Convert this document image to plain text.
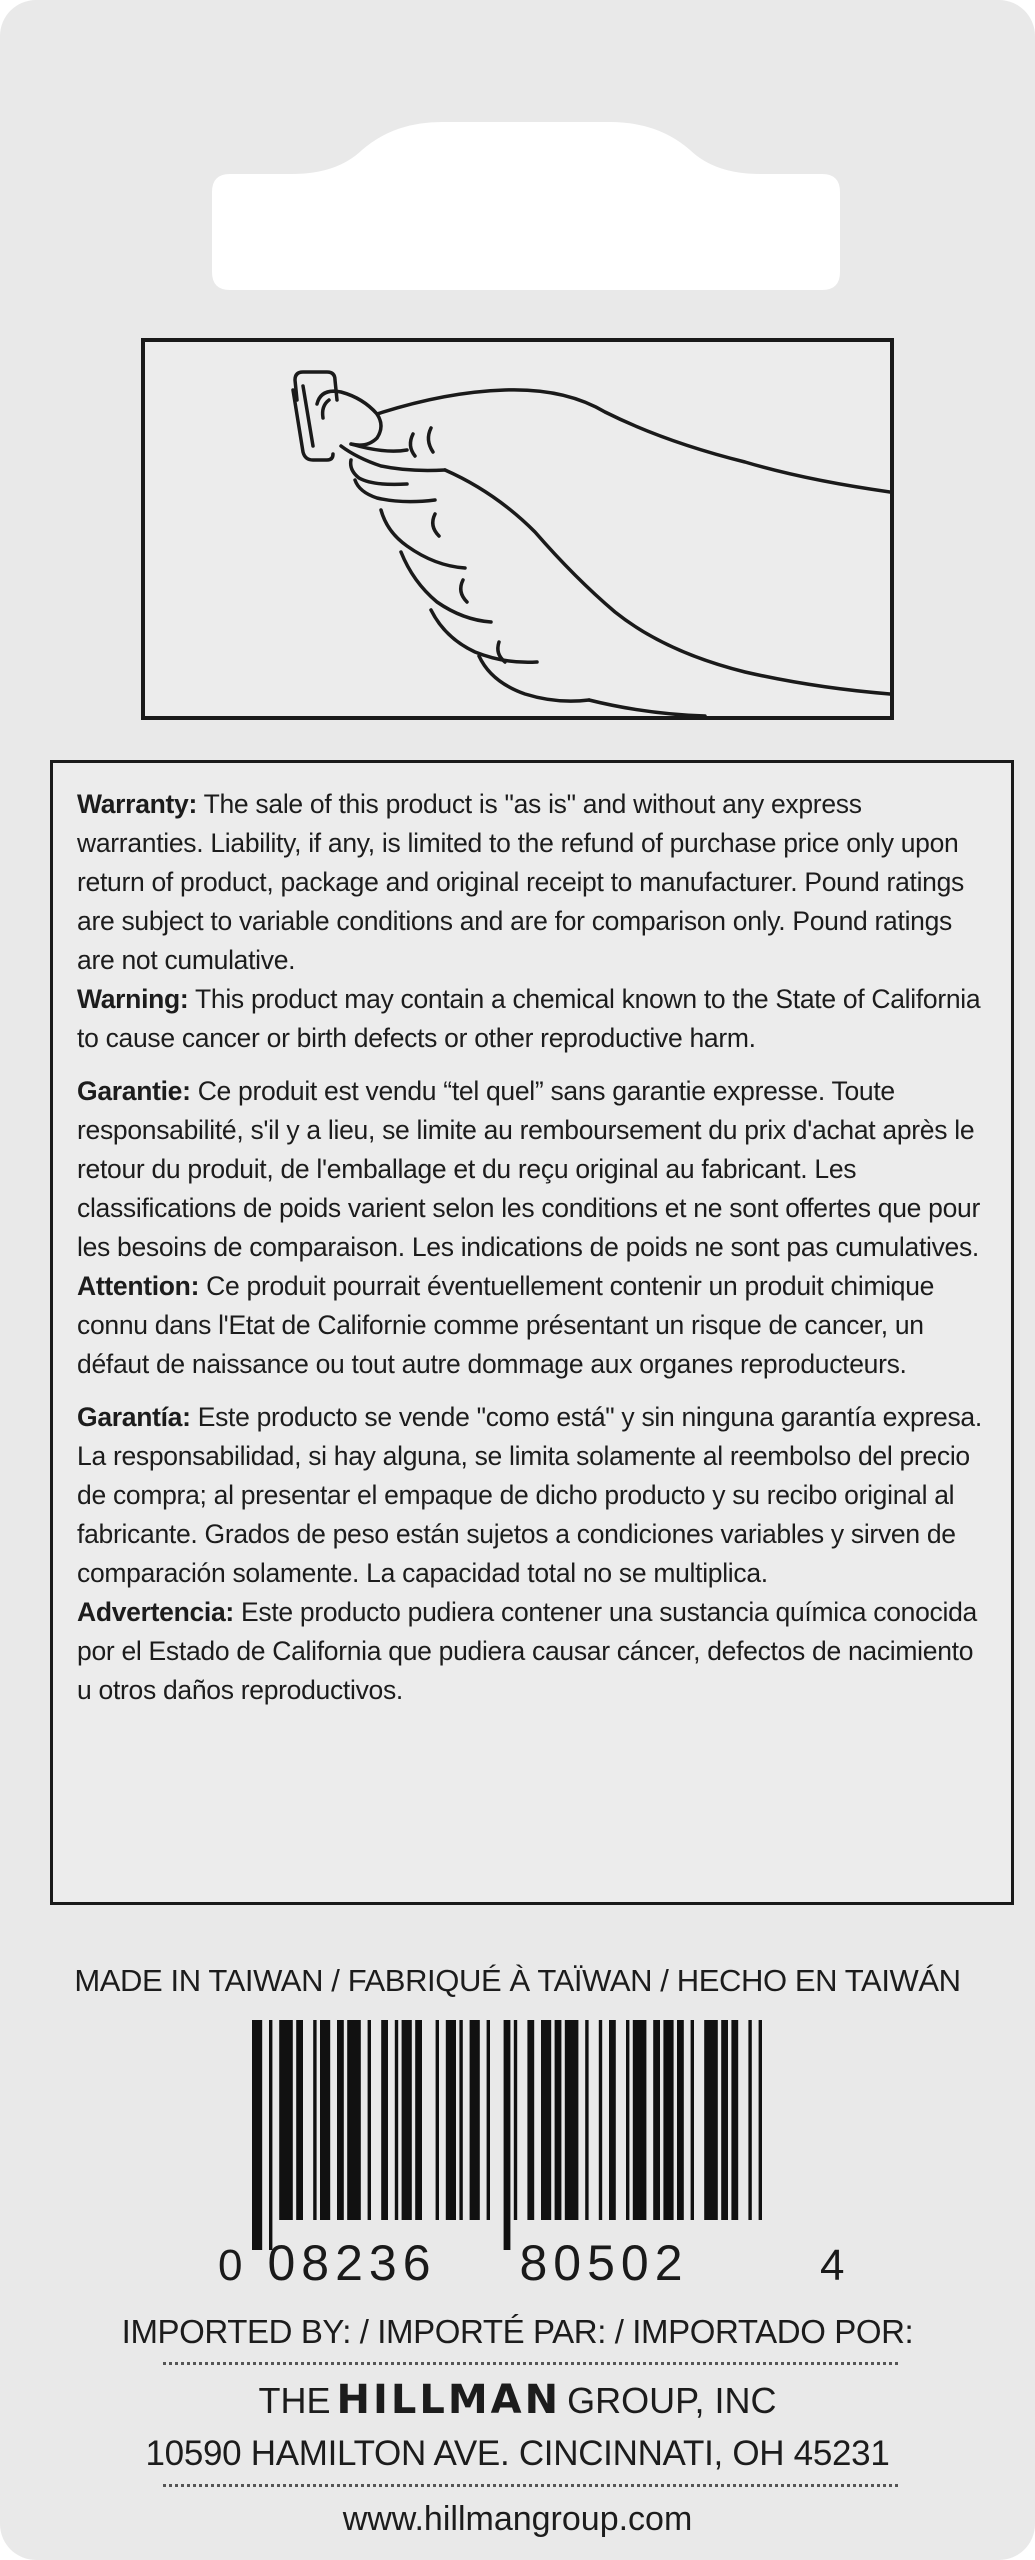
Warranty: The sale of this product is "as is" and without any express warranties. Liability, if any, is limited to the refund of purchase price only upon return of product, package and original receipt to manufacturer. Pound ratings are subject to variable conditions and are for comparison only. Pound ratings are not cumulative.

Warning: This product may contain a chemical known to the State of California to cause cancer or birth defects or other reproductive harm.

Garantie: Ce produit est vendu “tel quel” sans garantie expresse. Toute responsabilité, s'il y a lieu, se limite au remboursement du prix d'achat après le retour du produit, de l'emballage et du reçu original au fabricant. Les classifications de poids varient selon les conditions et ne sont offertes que pour les besoins de comparaison. Les indications de poids ne sont pas cumulatives.

Attention: Ce produit pourrait éventuellement contenir un produit chimique connu dans l'Etat de Californie comme présentant un risque de cancer, un défaut de naissance ou tout autre dommage aux organes reproducteurs.

Garantía: Este producto se vende "como está" y sin ninguna garantía expresa. La responsabilidad, si hay alguna, se limita solamente al reembolso del precio de compra; al presentar el empaque de dicho producto y su recibo original al fabricante. Grados de peso están sujetos a condiciones variables y sirven de comparación solamente. La capacidad total no se multiplica.

Advertencia: Este producto pudiera contener una sustancia química conocida por el Estado de California que pudiera causar cáncer, defectos de nacimiento u otros daños reproductivos.

MADE IN TAIWAN / FABRIQUÉ À TAÏWAN / HECHO EN TAIWÁN
0 08236 80502	4
IMPORTED BY: / IMPORTÉ PAR: / IMPORTADO POR:
THE HILLMAN GROUP, INC
10590 HAMILTON AVE. CINCINNATI, OH 45231
www.hillmangroup.com
